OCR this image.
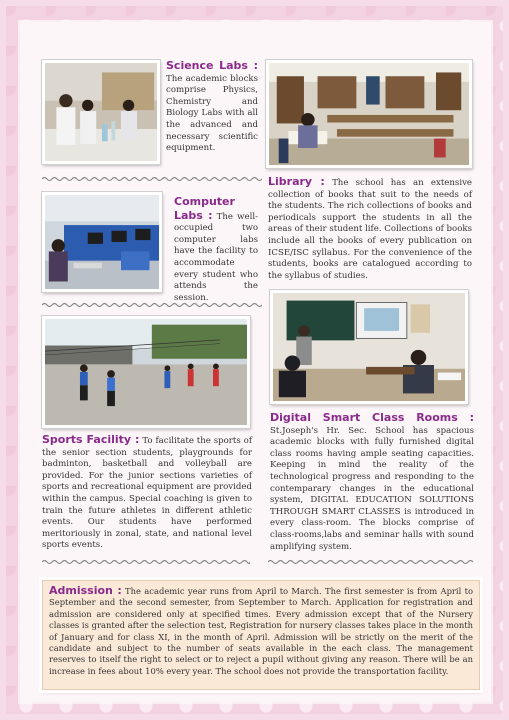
Science Labs : The academic blocks comprise Physics, Chemistry and Biology Labs with all the advanced and necessary scientific equipment.
Library : The school has an extensive collection of books that suit to the needs of the students. The rich collections of books and periodicals support the students in all the areas of their student life. Collections of books include all the books of every publication on ICSE/ISC syllabus. For the convenience of the students, books are catalogued according to the syllabus of studies.
Computer Labs : The well-occupied two computer labs have the facility to accommodate every student who attends the session.
Digital Smart Class Rooms : St.Joseph's Hr. Sec. School has spacious academic blocks with fully furnished digital class rooms having ample seating capacities. Keeping in mind the reality of the technological progress and responding to the contemparary changes in the educational system, DIGITAL EDUCATION SOLUTIONS THROUGH SMART CLASSES is introduced in every class-room. The blocks comprise of class-rooms,labs and seminar halls with sound amplifying system.
Sports Facility : To facilitate the sports of the senior section students, playgrounds for badminton, basketball and volleyball are provided. For the junior sections varieties of sports and recreational equipment are provided within the campus. Special coaching is given to train the future athletes in different athletic events. Our students have performed meritoriously in zonal, state, and national level sports events.
Admission : The academic year runs from April to March. The first semester is from April to September and the second semester, from September to March. Application for registration and admission are considered only at specified times. Every admission except that of the Nursery classes is granted after the selection test, Registration for nursery classes takes place in the month of January and for class XI, in the month of April. Admission will be strictly on the merit of the candidate and subject to the number of seats available in the each class. The management reserves to itself the right to select or to reject a pupil without giving any reason. There will be an increase in fees about 10% every year. The school does not provide the transportation facility.
